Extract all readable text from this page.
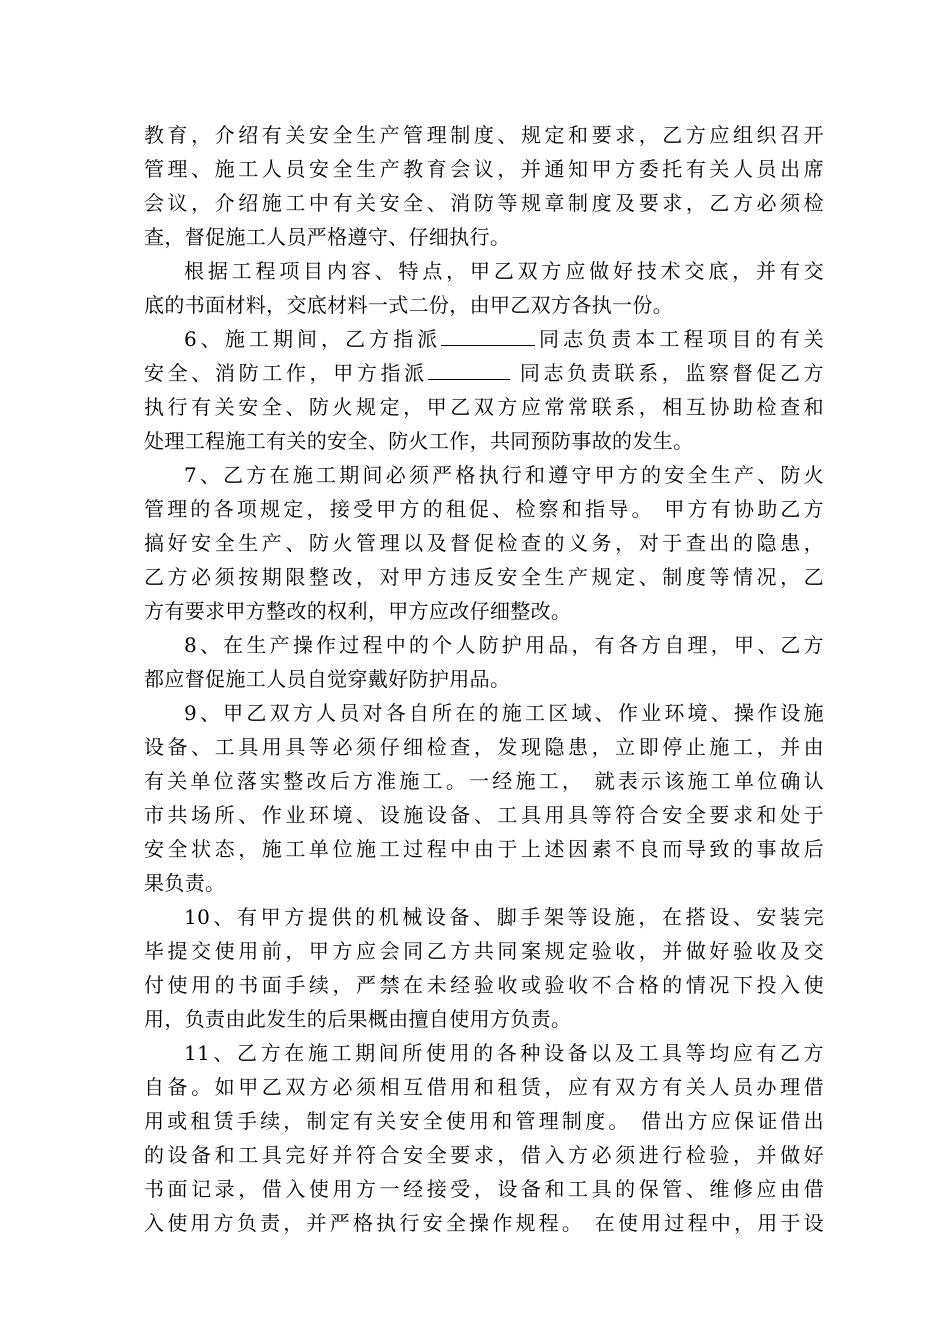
教育，介绍有关安全生产管理制度、规定和要求，乙方应组织召开
管理、施工人员安全生产教育会议，并通知甲方委托有关人员出席
会议，介绍施工中有关安全、消防等规章制度及要求，乙方必须检
查，督促施工人员严格遵守、仔细执行。
根据工程项目内容、特点，甲乙双方应做好技术交底，并有交
底的书面材料，交底材料一式二份，由甲乙双方各执一份。
6、施工期间，乙方指派	同志负责本工程项目的有关
安全、消防工作，甲方指派	同志负责联系，监察督促乙方
执行有关安全、防火规定，甲乙双方应常常联系，相互协助检查和
处理工程施工有关的安全、防火工作，共同预防事故的发生。
7、乙方在施工期间必须严格执行和遵守甲方的安全生产、防火
管理的各项规定，接受甲方的租促、检察和指导。 甲方有协助乙方
搞好安全生产、防火管理以及督促检查的义务，对于查出的隐患，
乙方必须按期限整改，对甲方违反安全生产规定、制度等情况，乙
方有要求甲方整改的权利，甲方应改仔细整改。
8、在生产操作过程中的个人防护用品，有各方自理，甲、乙方
都应督促施工人员自觉穿戴好防护用品。
9、甲乙双方人员对各自所在的施工区域、作业环境、操作设施
设备、工具用具等必须仔细检查，发现隐患，立即停止施工，并由
有关单位落实整改后方准施工。一经施工， 就表示该施工单位确认
市共场所、作业环境、设施设备、工具用具等符合安全要求和处于
安全状态，施工单位施工过程中由于上述因素不良而导致的事故后
果负责。
10、有甲方提供的机械设备、脚手架等设施，在搭设、安装完
毕提交使用前，甲方应会同乙方共同案规定验收，并做好验收及交
付使用的书面手续，严禁在未经验收或验收不合格的情况下投入使
用，负责由此发生的后果概由擅自使用方负责。
11、乙方在施工期间所使用的各种设备以及工具等均应有乙方
自备。如甲乙双方必须相互借用和租赁，应有双方有关人员办理借
用或租赁手续，制定有关安全使用和管理制度。 借出方应保证借出
的设备和工具完好并符合安全要求，借入方必须进行检验，并做好
书面记录，借入使用方一经接受，设备和工具的保管、维修应由借
入使用方负责，并严格执行安全操作规程。 在使用过程中，用于设
